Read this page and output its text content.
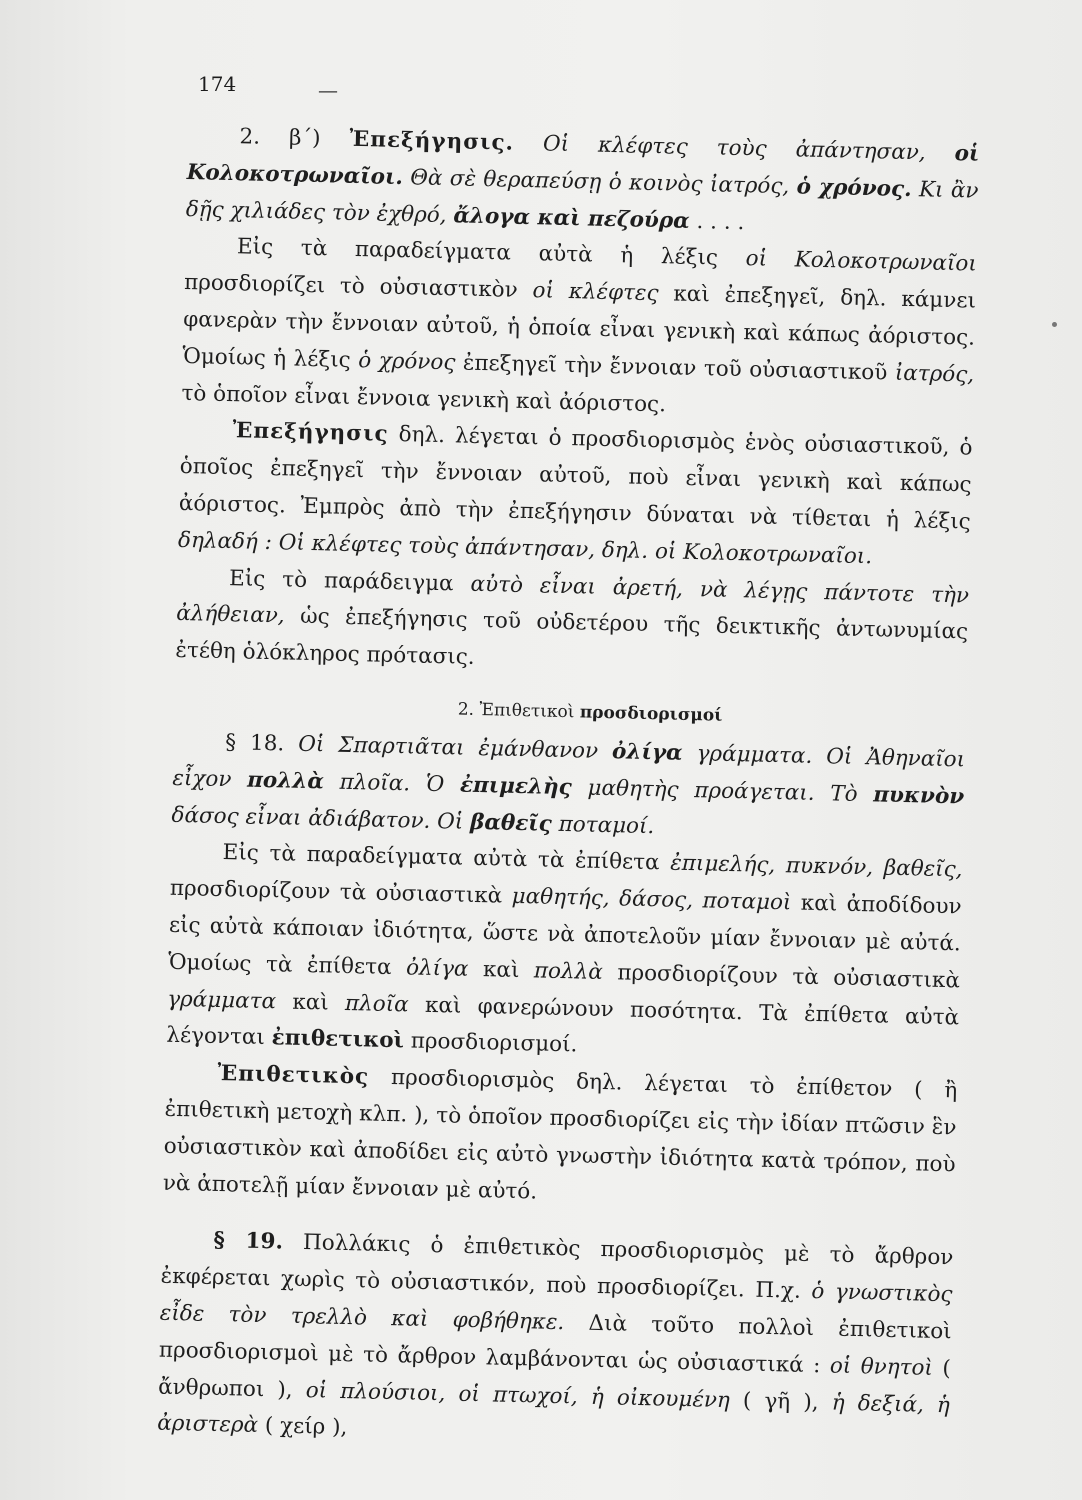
174	—

2. β΄) Ἐπεξήγησις. Οἱ κλέφτες τοὺς ἀπάντησαν, οἱ Κολοκοτρωναῖοι. Θὰ σὲ θεραπεύσῃ ὁ κοινὸς ἰατρός, ὁ χρόνος. Κι ἂν δῇς χιλιάδες τὸν ἐχθρό, ἄλογα καὶ πεζούρα . . . .

Εἰς τὰ παραδείγματα αὐτὰ ἡ λέξις οἱ Κολοκοτρωναῖοι προσδιορίζει τὸ οὐσιαστικὸν οἱ κλέφτες καὶ ἐπεξηγεῖ, δηλ. κάμνει φανερὰν τὴν ἔννοιαν αὐτοῦ, ἡ ὁποία εἶναι γενικὴ καὶ κάπως ἀόριστος. Ὁμοίως ἡ λέξις ὁ χρόνος ἐπεξηγεῖ τὴν ἔννοιαν τοῦ οὐσιαστικοῦ ἰατρός, τὸ ὁποῖον εἶναι ἔννοια γενικὴ καὶ ἀόριστος.

Ἐπεξήγησις δηλ. λέγεται ὁ προσδιορισμὸς ἑνὸς οὐσιαστικοῦ, ὁ ὁποῖος ἐπεξηγεῖ τὴν ἔννοιαν αὐτοῦ, ποὺ εἶναι γενικὴ καὶ κάπως ἀόριστος. Ἐμπρὸς ἀπὸ τὴν ἐπεξήγησιν δύναται νὰ τίθεται ἡ λέξις δηλαδή : Οἱ κλέφτες τοὺς ἀπάντησαν, δηλ. οἱ Κολοκοτρωναῖοι.

Εἰς τὸ παράδειγμα αὐτὸ εἶναι ἀρετή, νὰ λέγῃς πάντοτε τὴν ἀλήθειαν, ὡς ἐπεξήγησις τοῦ οὐδετέρου τῆς δεικτικῆς ἀντωνυμίας ἐτέθη ὁλόκληρος πρότασις.

2. Ἐπιθετικοὶ προσδιορισμοί

§ 18. Οἱ Σπαρτιᾶται ἐμάνθανον ὀλίγα γράμματα. Οἱ Ἀθηναῖοι εἶχον πολλὰ πλοῖα. Ὁ ἐπιμελὴς μαθητὴς προάγεται. Τὸ πυκνὸν δάσος εἶναι ἀδιάβατον. Οἱ βαθεῖς ποταμοί.

Εἰς τὰ παραδείγματα αὐτὰ τὰ ἐπίθετα ἐπιμελής, πυκνόν, βαθεῖς, προσδιορίζουν τὰ οὐσιαστικὰ μαθητής, δάσος, ποταμοὶ καὶ ἀποδίδουν εἰς αὐτὰ κάποιαν ἰδιότητα, ὥστε νὰ ἀποτελοῦν μίαν ἔννοιαν μὲ αὐτά. Ὁμοίως τὰ ἐπίθετα ὀλίγα καὶ πολλὰ προσδιορίζουν τὰ οὐσιαστικὰ γράμματα καὶ πλοῖα καὶ φανερώνουν ποσότητα. Τὰ ἐπίθετα αὐτὰ λέγονται ἐπιθετικοὶ προσδιορισμοί.

Ἐπιθετικὸς προσδιορισμὸς δηλ. λέγεται τὸ ἐπίθετον ( ἢ ἐπιθετικὴ μετοχὴ κλπ. ), τὸ ὁποῖον προσδιορίζει εἰς τὴν ἰδίαν πτῶσιν ἓν οὐσιαστικὸν καὶ ἀποδίδει εἰς αὐτὸ γνωστὴν ἰδιότητα κατὰ τρόπον, ποὺ νὰ ἀποτελῇ μίαν ἔννοιαν μὲ αὐτό.

§ 19. Πολλάκις ὁ ἐπιθετικὸς προσδιορισμὸς μὲ τὸ ἄρθρον ἐκφέρεται χωρὶς τὸ οὐσιαστικόν, ποὺ προσδιορίζει. Π.χ. ὁ γνωστικὸς εἶδε τὸν τρελλὸ καὶ φοβήθηκε. Διὰ τοῦτο πολλοὶ ἐπιθετικοὶ προσδιορισμοὶ μὲ τὸ ἄρθρον λαμβάνονται ὡς οὐσιαστικά : οἱ θνητοὶ ( ἄνθρωποι ), οἱ πλούσιοι, οἱ πτωχοί, ἡ οἰκουμένη ( γῆ ), ἡ δεξιά, ἡ ἀριστερὰ ( χείρ ),
